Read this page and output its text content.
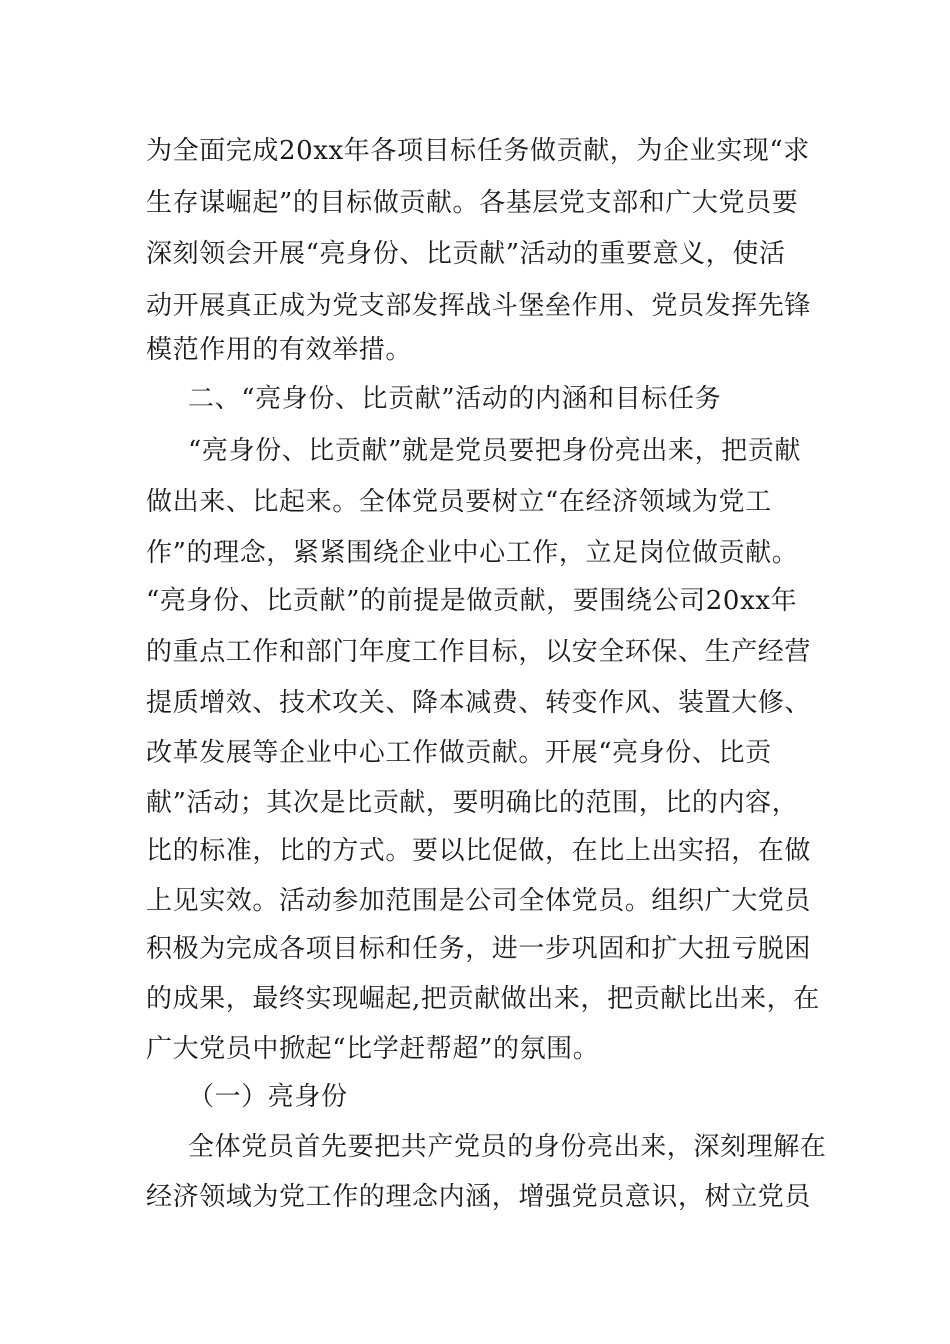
为全面完成20xx年各项目标任务做贡献，为企业实现“求
生存谋崛起”的目标做贡献。各基层党支部和广大党员要
深刻领会开展“亮身份、比贡献”活动的重要意义，使活
动开展真正成为党支部发挥战斗堡垒作用、党员发挥先锋
模范作用的有效举措。
二、“亮身份、比贡献”活动的内涵和目标任务
“亮身份、比贡献”就是党员要把身份亮出来，把贡献
做出来、比起来。全体党员要树立“在经济领域为党工
作”的理念，紧紧围绕企业中心工作，立足岗位做贡献。
“亮身份、比贡献”的前提是做贡献，要围绕公司20xx年
的重点工作和部门年度工作目标，以安全环保、生产经营
提质增效、技术攻关、降本减费、转变作风、装置大修、
改革发展等企业中心工作做贡献。开展“亮身份、比贡
献”活动；其次是比贡献，要明确比的范围，比的内容，
比的标准，比的方式。要以比促做，在比上出实招，在做
上见实效。活动参加范围是公司全体党员。组织广大党员
积极为完成各项目标和任务，进一步巩固和扩大扭亏脱困
的成果，最终实现崛起,把贡献做出来，把贡献比出来，在
广大党员中掀起“比学赶帮超”的氛围。
（一）亮身份
全体党员首先要把共产党员的身份亮出来，深刻理解在
经济领域为党工作的理念内涵，增强党员意识，树立党员
